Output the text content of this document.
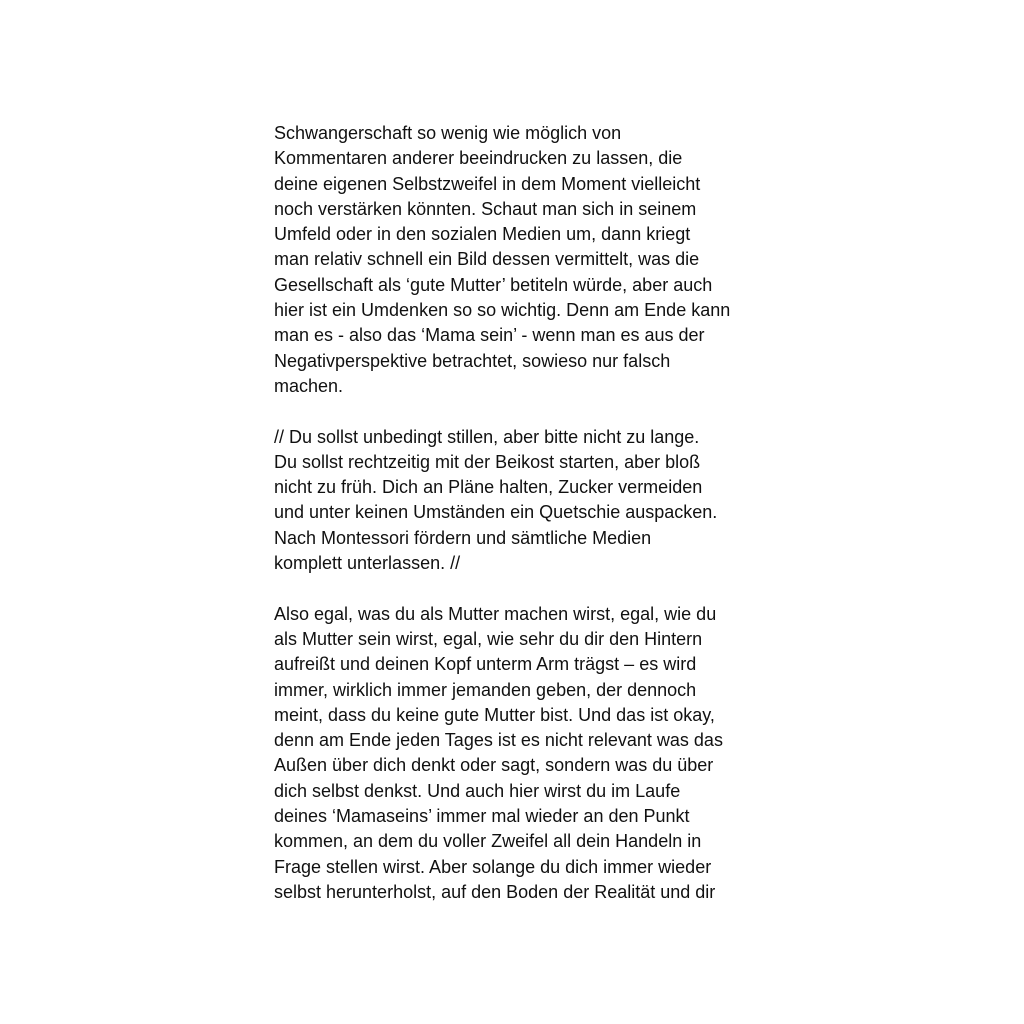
Schwangerschaft so wenig wie möglich von
Kommentaren anderer beeindrucken zu lassen, die
deine eigenen Selbstzweifel in dem Moment vielleicht
noch verstärken könnten. Schaut man sich in seinem
Umfeld oder in den sozialen Medien um, dann kriegt
man relativ schnell ein Bild dessen vermittelt, was die
Gesellschaft als ‘gute Mutter’ betiteln würde, aber auch
hier ist ein Umdenken so so wichtig. Denn am Ende kann
man es - also das ‘Mama sein’ - wenn man es aus der
Negativperspektive betrachtet, sowieso nur falsch
machen.
// Du sollst unbedingt stillen, aber bitte nicht zu lange.
Du sollst rechtzeitig mit der Beikost starten, aber bloß
nicht zu früh. Dich an Pläne halten, Zucker vermeiden
und unter keinen Umständen ein Quetschie auspacken.
Nach Montessori fördern und sämtliche Medien
komplett unterlassen. //
Also egal, was du als Mutter machen wirst, egal, wie du
als Mutter sein wirst, egal, wie sehr du dir den Hintern
aufreißt und deinen Kopf unterm Arm trägst – es wird
immer, wirklich immer jemanden geben, der dennoch
meint, dass du keine gute Mutter bist. Und das ist okay,
denn am Ende jeden Tages ist es nicht relevant was das
Außen über dich denkt oder sagt, sondern was du über
dich selbst denkst. Und auch hier wirst du im Laufe
deines ‘Mamaseins’ immer mal wieder an den Punkt
kommen, an dem du voller Zweifel all dein Handeln in
Frage stellen wirst. Aber solange du dich immer wieder
selbst herunterholst, auf den Boden der Realität und dir
